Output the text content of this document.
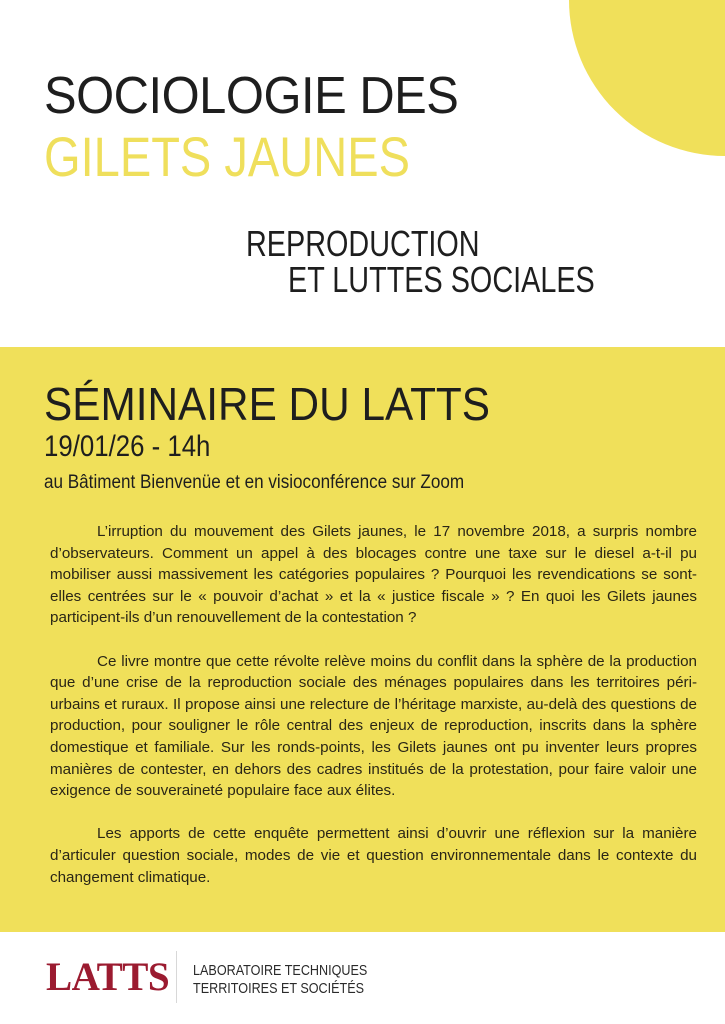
SOCIOLOGIE DES
GILETS JAUNES
REPRODUCTION
ET LUTTES SOCIALES
SÉMINAIRE DU LATTS
19/01/26 - 14h
au Bâtiment Bienvenüe et en visioconférence sur Zoom

L’irruption du mouvement des Gilets jaunes, le 17 novembre 2018, a surpris nombre d’observateurs. Comment un appel à des blocages contre une taxe sur le diesel a-t-il pu mobiliser aussi massivement les catégories populaires ? Pourquoi les revendications se sont-elles centrées sur le « pouvoir d’achat » et la « justice fiscale » ? En quoi les Gilets jaunes participent-ils d’un renouvellement de la contestation ?

Ce livre montre que cette révolte relève moins du conflit dans la sphère de la production que d’une crise de la reproduction sociale des ménages populaires dans les territoires péri-urbains et ruraux. Il propose ainsi une relecture de l’héritage marxiste, au-delà des questions de production, pour souligner le rôle central des enjeux de reproduction, inscrits dans la sphère domestique et familiale. Sur les ronds-points, les Gilets jaunes ont pu inventer leurs propres manières de contester, en dehors des cadres institués de la protestation, pour faire valoir une exigence de souveraineté populaire face aux élites.

Les apports de cette enquête permettent ainsi d’ouvrir une réflexion sur la manière d’articuler question sociale, modes de vie et question environnementale dans le contexte du changement climatique.

LATTS LABORATOIRE TECHNIQUES
TERRITOIRES ET SOCIÉTÉS
